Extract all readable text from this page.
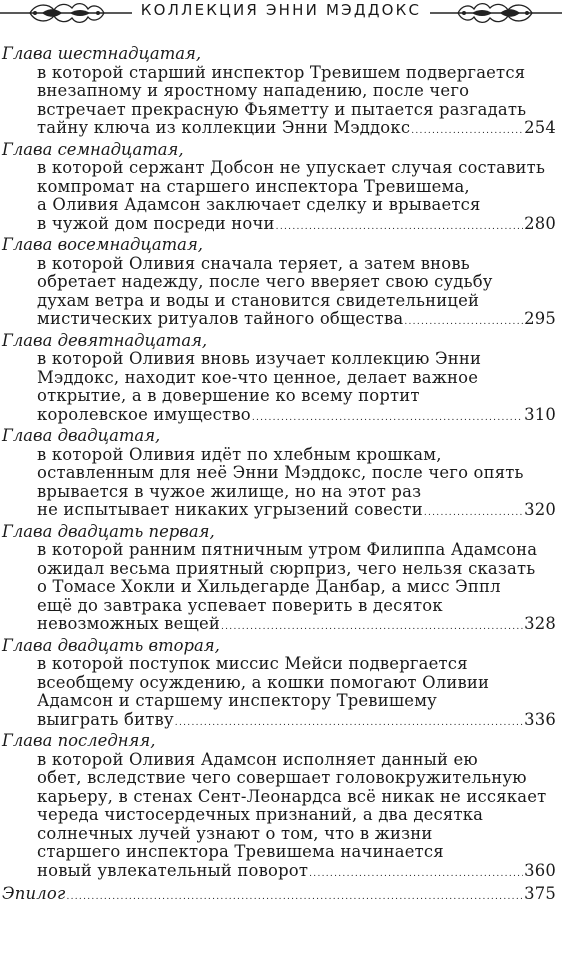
КОЛЛЕКЦИЯ ЭННИ МЭДДОКС
Глава шестнадцатая,
в которой старший инспектор Тревишем подвергается
внезапному и яростному нападению, после чего
встречает прекрасную Фьяметту и пытается разгадать
тайну ключа из коллекции Энни Мэддокс .....	254
Глава семнадцатая,
в которой сержант Добсон не упускает случая составить
компромат на старшего инспектора Тревишема,
а Оливия Адамсон заключает сделку и врывается
в чужой дом посреди ночи .....	280
Глава восемнадцатая,
в которой Оливия сначала теряет, а затем вновь
обретает надежду, после чего вверяет свою судьбу
духам ветра и воды и становится свидетельницей
мистических ритуалов тайного общества .....	295
Глава девятнадцатая,
в которой Оливия вновь изучает коллекцию Энни
Мэддокс, находит кое-что ценное, делает важное
открытие, а в довершение ко всему портит
королевское имущество .....	310
Глава двадцатая,
в которой Оливия идёт по хлебным крошкам,
оставленным для неё Энни Мэддокс, после чего опять
врывается в чужое жилище, но на этот раз
не испытывает никаких угрызений совести .....	320
Глава двадцать первая,
в которой ранним пятничным утром Филиппа Адамсона
ожидал весьма приятный сюрприз, чего нельзя сказать
о Томасе Хокли и Хильдегарде Данбар, а мисс Эппл
ещё до завтрака успевает поверить в десяток
невозможных вещей .....	328
Глава двадцать вторая,
в которой поступок миссис Мейси подвергается
всеобщему осуждению, а кошки помогают Оливии
Адамсон и старшему инспектору Тревишему
выиграть битву .....	336
Глава последняя,
в которой Оливия Адамсон исполняет данный ею
обет, вследствие чего совершает головокружительную
карьеру, в стенах Сент-Леонардса всё никак не иссякает
череда чистосердечных признаний, а два десятка
солнечных лучей узнают о том, что в жизни
старшего инспектора Тревишема начинается
новый увлекательный поворот .....	360
Эпилог .....	375
